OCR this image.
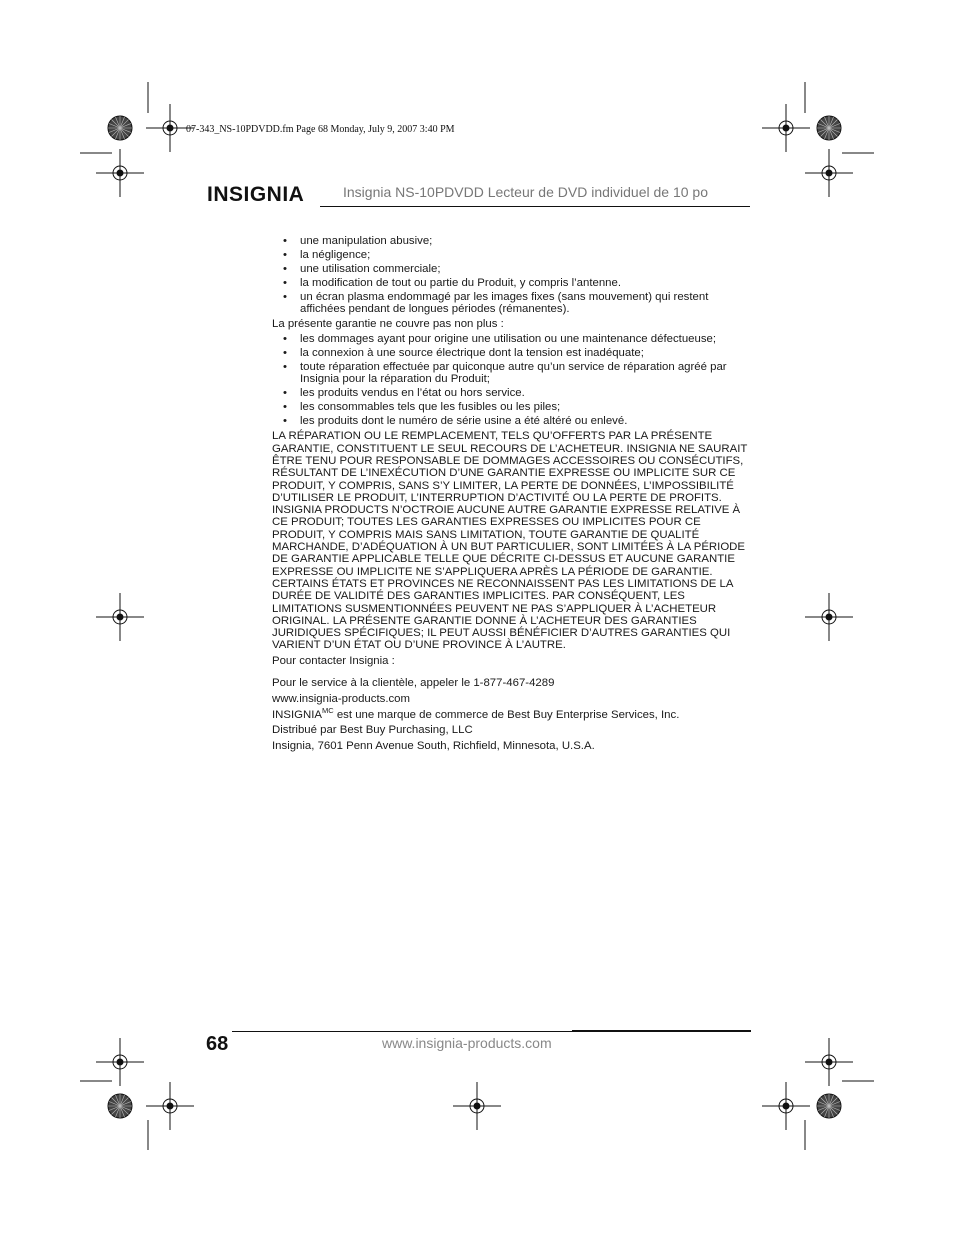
07-343_NS-10PDVDD.fm Page 68 Monday, July 9, 2007 3:40 PM
INSIGNIA	Insignia NS-10PDVDD Lecteur de DVD individuel de 10 po
• une manipulation abusive;
• la négligence;
• une utilisation commerciale;
• la modification de tout ou partie du Produit, y compris l’antenne.
• un écran plasma endommagé par les images fixes (sans mouvement) qui restent affichées pendant de longues périodes (rémanentes).

La présente garantie ne couvre pas non plus :

• les dommages ayant pour origine une utilisation ou une maintenance défectueuse;
• la connexion à une source électrique dont la tension est inadéquate;
• toute réparation effectuée par quiconque autre qu’un service de réparation agréé par Insignia pour la réparation du Produit;
• les produits vendus en l’état ou hors service.
• les consommables tels que les fusibles ou les piles;
• les produits dont le numéro de série usine a été altéré ou enlevé.

LA RÉPARATION OU LE REMPLACEMENT, TELS QU’OFFERTS PAR LA PRÉSENTE GARANTIE, CONSTITUENT LE SEUL RECOURS DE L’ACHETEUR. INSIGNIA NE SAURAIT ÊTRE TENU POUR RESPONSABLE DE DOMMAGES ACCESSOIRES OU CONSÉCUTIFS, RÉSULTANT DE L’INEXÉCUTION D’UNE GARANTIE EXPRESSE OU IMPLICITE SUR CE PRODUIT, Y COMPRIS, SANS S’Y LIMITER, LA PERTE DE DONNÉES, L’IMPOSSIBILITÉ D’UTILISER LE PRODUIT, L’INTERRUPTION D’ACTIVITÉ OU LA PERTE DE PROFITS. INSIGNIA PRODUCTS N’OCTROIE AUCUNE AUTRE GARANTIE EXPRESSE RELATIVE À CE PRODUIT; TOUTES LES GARANTIES EXPRESSES OU IMPLICITES POUR CE PRODUIT, Y COMPRIS MAIS SANS LIMITATION, TOUTE GARANTIE DE QUALITÉ MARCHANDE, D’ADÉQUATION À UN BUT PARTICULIER, SONT LIMITÉES À LA PÉRIODE DE GARANTIE APPLICABLE TELLE QUE DÉCRITE CI-DESSUS ET AUCUNE GARANTIE EXPRESSE OU IMPLICITE NE S’APPLIQUERA APRÈS LA PÉRIODE DE GARANTIE. CERTAINS ÉTATS ET PROVINCES NE RECONNAISSENT PAS LES LIMITATIONS DE LA DURÉE DE VALIDITÉ DES GARANTIES IMPLICITES. PAR CONSÉQUENT, LES LIMITATIONS SUSMENTIONNÉES PEUVENT NE PAS S’APPLIQUER À L’ACHETEUR ORIGINAL. LA PRÉSENTE GARANTIE DONNE À L’ACHETEUR DES GARANTIES JURIDIQUES SPÉCIFIQUES; IL PEUT AUSSI BÉNÉFICIER D’AUTRES GARANTIES QUI VARIENT D’UN ÉTAT OU D’UNE PROVINCE À L’AUTRE.

Pour contacter Insignia :

Pour le service à la clientèle, appeler le 1-877-467-4289

www.insignia-products.com

$INSIGNIA^{MC}$ est une marque de commerce de Best Buy Enterprise Services, Inc.

Distribué par Best Buy Purchasing, LLC

Insignia, 7601 Penn Avenue South, Richfield, Minnesota, U.S.A.

68	www.insignia-products.com
